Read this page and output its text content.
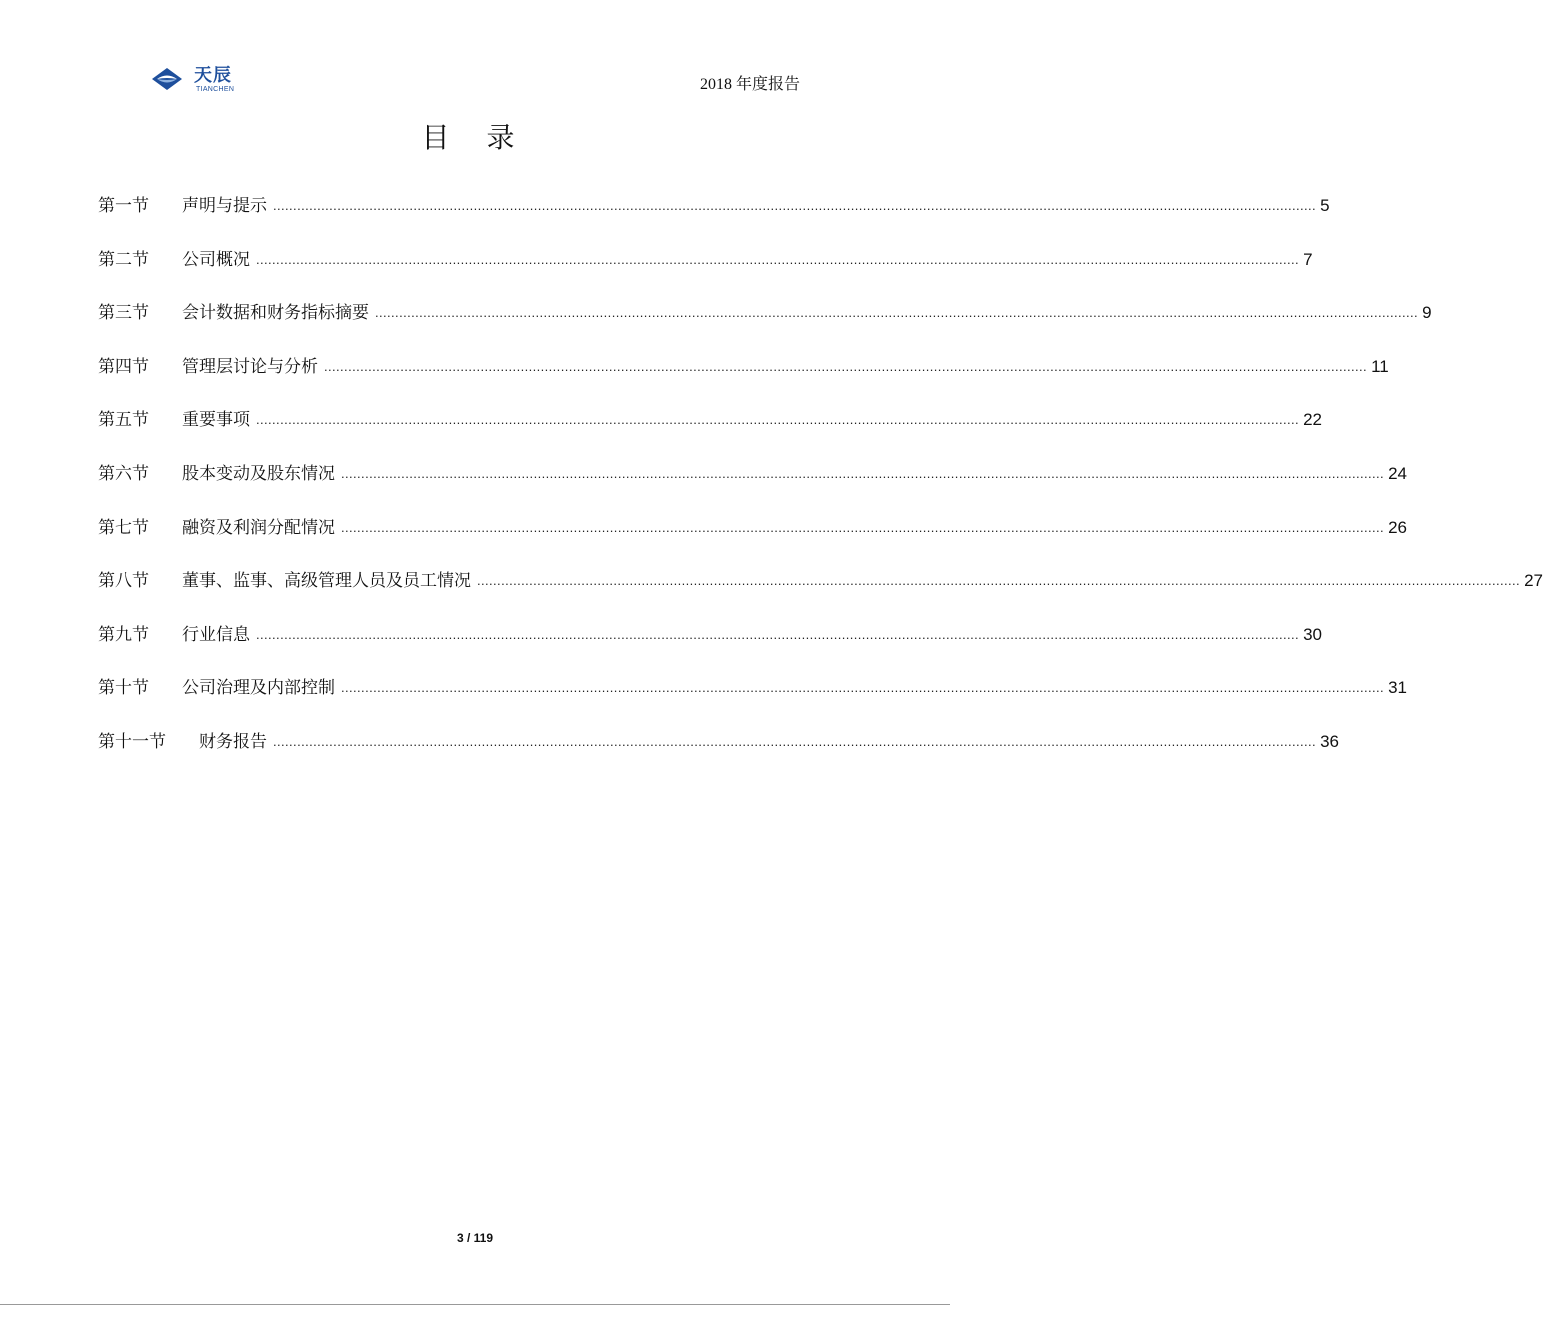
天辰
TIANCHEN	2018 年度报告
目 录
第一节	声明与提示 .................................................................................................................................................................................................................................................................... 5
第二节	公司概况 .................................................................................................................................................................................................................................................................... 7
第三节	会计数据和财务指标摘要 .................................................................................................................................................................................................................................................................... 9
第四节	管理层讨论与分析 .................................................................................................................................................................................................................................................................... 11
第五节	重要事项 .................................................................................................................................................................................................................................................................... 22
第六节	股本变动及股东情况 .................................................................................................................................................................................................................................................................... 24
第七节	融资及利润分配情况 .................................................................................................................................................................................................................................................................... 26
第八节	董事、监事、高级管理人员及员工情况 .................................................................................................................................................................................................................................................................... 27
第九节	行业信息 .................................................................................................................................................................................................................................................................... 30
第十节	公司治理及内部控制 .................................................................................................................................................................................................................................................................... 31
第十一节	财务报告 .................................................................................................................................................................................................................................................................... 36
3 / 119
